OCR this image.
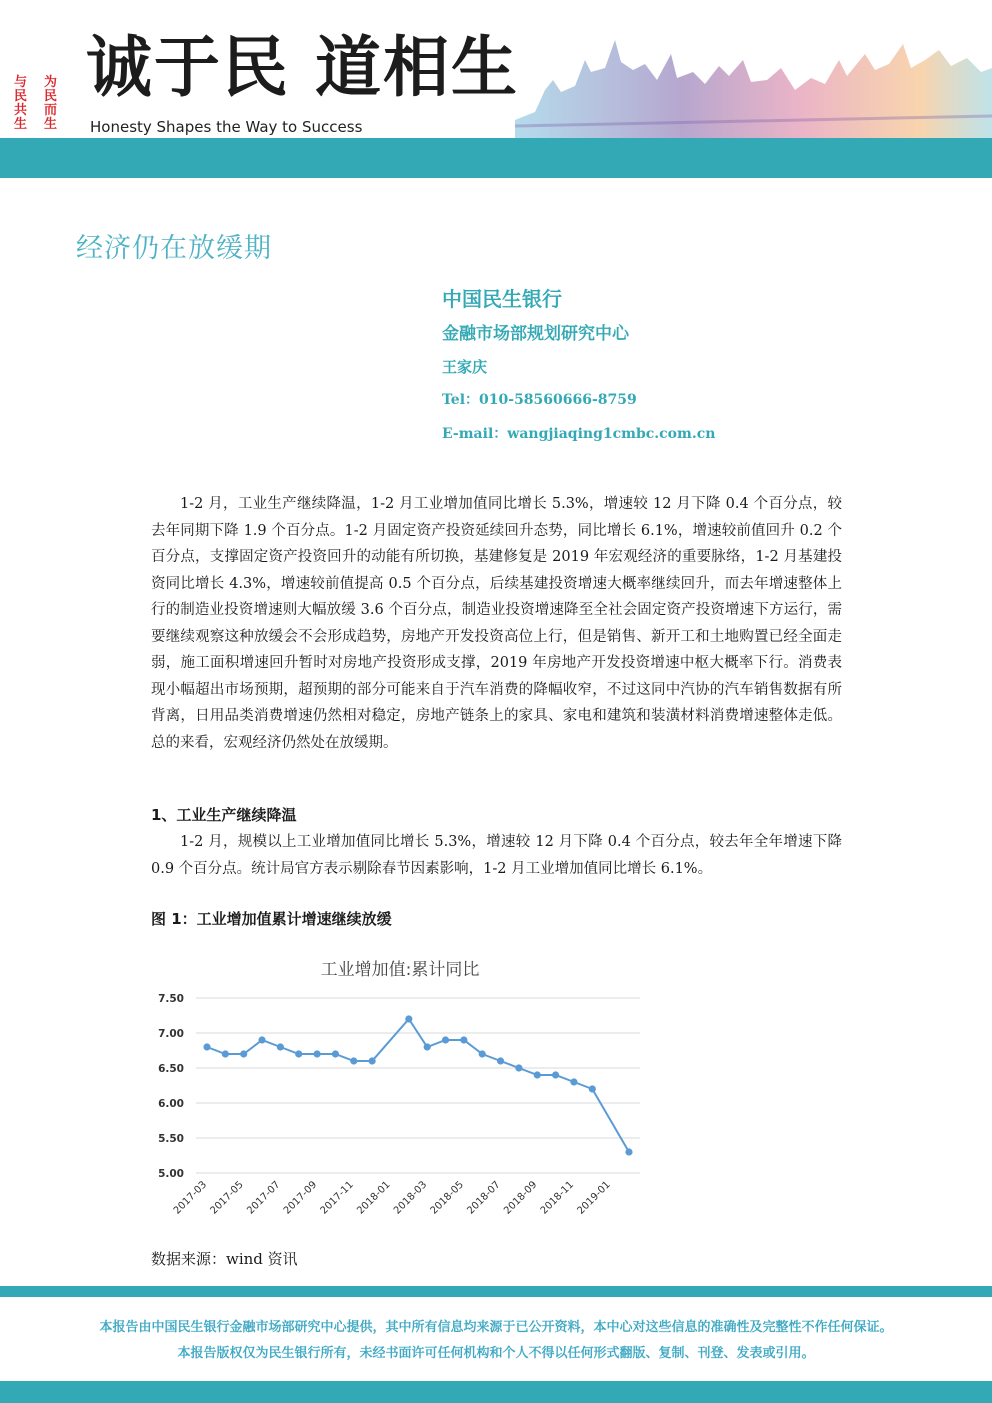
与
民
共
生
为
民
而
生
诚于民 道相生
Honesty Shapes the Way to Success
经济仍在放缓期
中国民生银行
金融市场部规划研究中心
王家庆
Tel：010-58560666-8759
E-mail：wangjiaqing1cmbc.com.cn

1-2 月，工业生产继续降温，1-2 月工业增加值同比增长 5.3%，增速较 12 月下降 0.4 个百分点，较去年同期下降 1.9 个百分点。1-2 月固定资产投资延续回升态势，同比增长 6.1%，增速较前值回升 0.2 个百分点，支撑固定资产投资回升的动能有所切换，基建修复是 2019 年宏观经济的重要脉络，1-2 月基建投资同比增长 4.3%，增速较前值提高 0.5 个百分点，后续基建投资增速大概率继续回升，而去年增速整体上行的制造业投资增速则大幅放缓 3.6 个百分点，制造业投资增速降至全社会固定资产投资增速下方运行，需要继续观察这种放缓会不会形成趋势，房地产开发投资高位上行，但是销售、新开工和土地购置已经全面走弱，施工面积增速回升暂时对房地产投资形成支撑，2019 年房地产开发投资增速中枢大概率下行。消费表现小幅超出市场预期，超预期的部分可能来自于汽车消费的降幅收窄，不过这同中汽协的汽车销售数据有所背离，日用品类消费增速仍然相对稳定，房地产链条上的家具、家电和建筑和装潢材料消费增速整体走低。总的来看，宏观经济仍然处在放缓期。

1、工业生产继续降温

1-2 月，规模以上工业增加值同比增长 5.3%，增速较 12 月下降 0.4 个百分点，较去年全年增速下降 0.9 个百分点。统计局官方表示剔除春节因素影响，1-2 月工业增加值同比增长 6.1%。

图 1：工业增加值累计增速继续放缓
工业增加值:累计同比
7.50
7.00
6.50
6.00
5.50
5.00
2017-03 2017-05 2017-07 2017-09 2017-11 2018-01 2018-03 2018-05 2018-07 2018-09 2018-11 2019-01
数据来源：wind 资讯
本报告由中国民生银行金融市场部研究中心提供，其中所有信息均来源于已公开资料，本中心对这些信息的准确性及完整性不作任何保证。
本报告版权仅为民生银行所有，未经书面许可任何机构和个人不得以任何形式翻版、复制、刊登、发表或引用。
